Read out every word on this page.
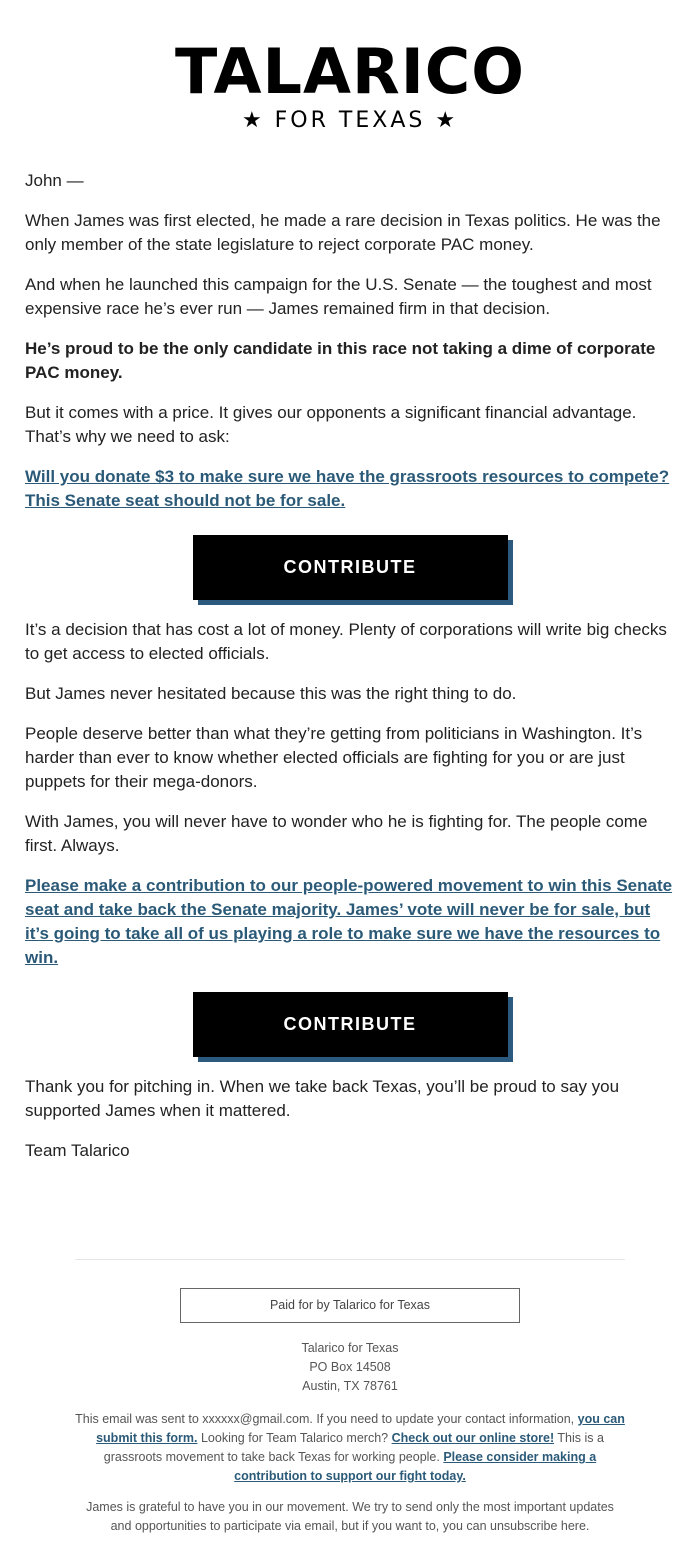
TALARICO
★ FOR TEXAS ★

John —

When James was first elected, he made a rare decision in Texas politics. He was the only member of the state legislature to reject corporate PAC money.

And when he launched this campaign for the U.S. Senate — the toughest and most expensive race he’s ever run — James remained firm in that decision.

He’s proud to be the only candidate in this race not taking a dime of corporate PAC money.

But it comes with a price. It gives our opponents a significant financial advantage. That’s why we need to ask:

Will you donate $3 to make sure we have the grassroots resources to compete? This Senate seat should not be for sale.

CONTRIBUTE

It’s a decision that has cost a lot of money. Plenty of corporations will write big checks to get access to elected officials.

But James never hesitated because this was the right thing to do.

People deserve better than what they’re getting from politicians in Washington. It’s harder than ever to know whether elected officials are fighting for you or are just puppets for their mega-donors.

With James, you will never have to wonder who he is fighting for. The people come first. Always.

Please make a contribution to our people-powered movement to win this Senate seat and take back the Senate majority. James’ vote will never be for sale, but it’s going to take all of us playing a role to make sure we have the resources to win.

CONTRIBUTE

Thank you for pitching in. When we take back Texas, you’ll be proud to say you supported James when it mattered.

Team Talarico

Paid for by Talarico for Texas
Talarico for Texas
PO Box 14508
Austin, TX 78761

This email was sent to xxxxxx@gmail.com. If you need to update your contact information, you can submit this form. Looking for Team Talarico merch? Check out our online store! This is a grassroots movement to take back Texas for working people. Please consider making a contribution to support our fight today.

James is grateful to have you in our movement. We try to send only the most important updates and opportunities to participate via email, but if you want to, you can unsubscribe here.
